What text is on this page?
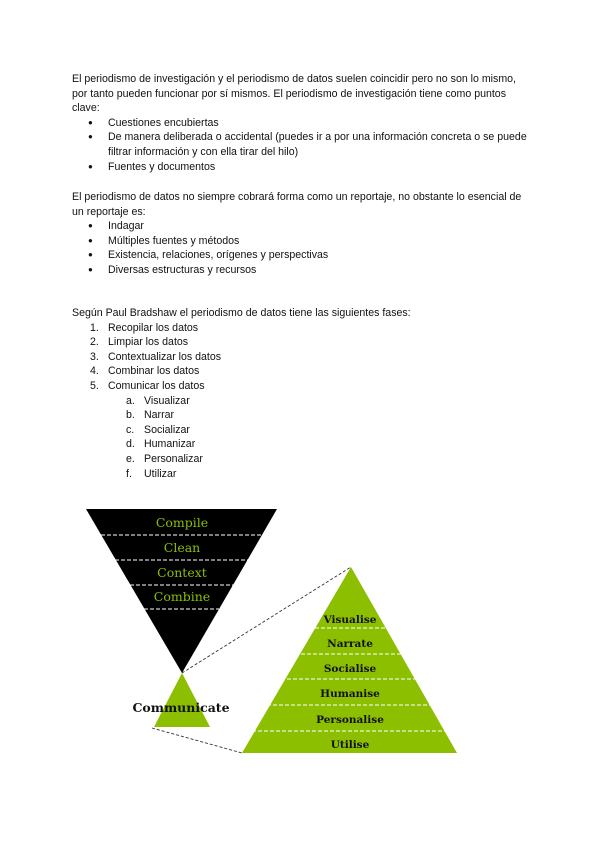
El periodismo de investigación y el periodismo de datos suelen coincidir pero no son lo mismo, por tanto pueden funcionar por sí mismos. El periodismo de investigación tiene como puntos clave:

● Cuestiones encubiertas
● De manera deliberada o accidental (puedes ir a por una información concreta o se puede filtrar información y con ella tirar del hilo)
● Fuentes y documentos

El periodismo de datos no siempre cobrará forma como un reportaje, no obstante lo esencial de un reportaje es:

● Indagar
● Múltiples fuentes y métodos
● Existencia, relaciones, orígenes y perspectivas
● Diversas estructuras y recursos

Según Paul Bradshaw el periodismo de datos tiene las siguientes fases:

1. Recopilar los datos
2. Limpiar los datos
3. Contextualizar los datos
4. Combinar los datos
5. Comunicar los datos
a. Visualizar
b. Narrar
c. Socializar
d. Humanizar
e. Personalizar
f. Utilizar
Compile
Clean
Context
Combine
Communicate
Visualise
Narrate
Socialise
Humanise
Personalise
Utilise
